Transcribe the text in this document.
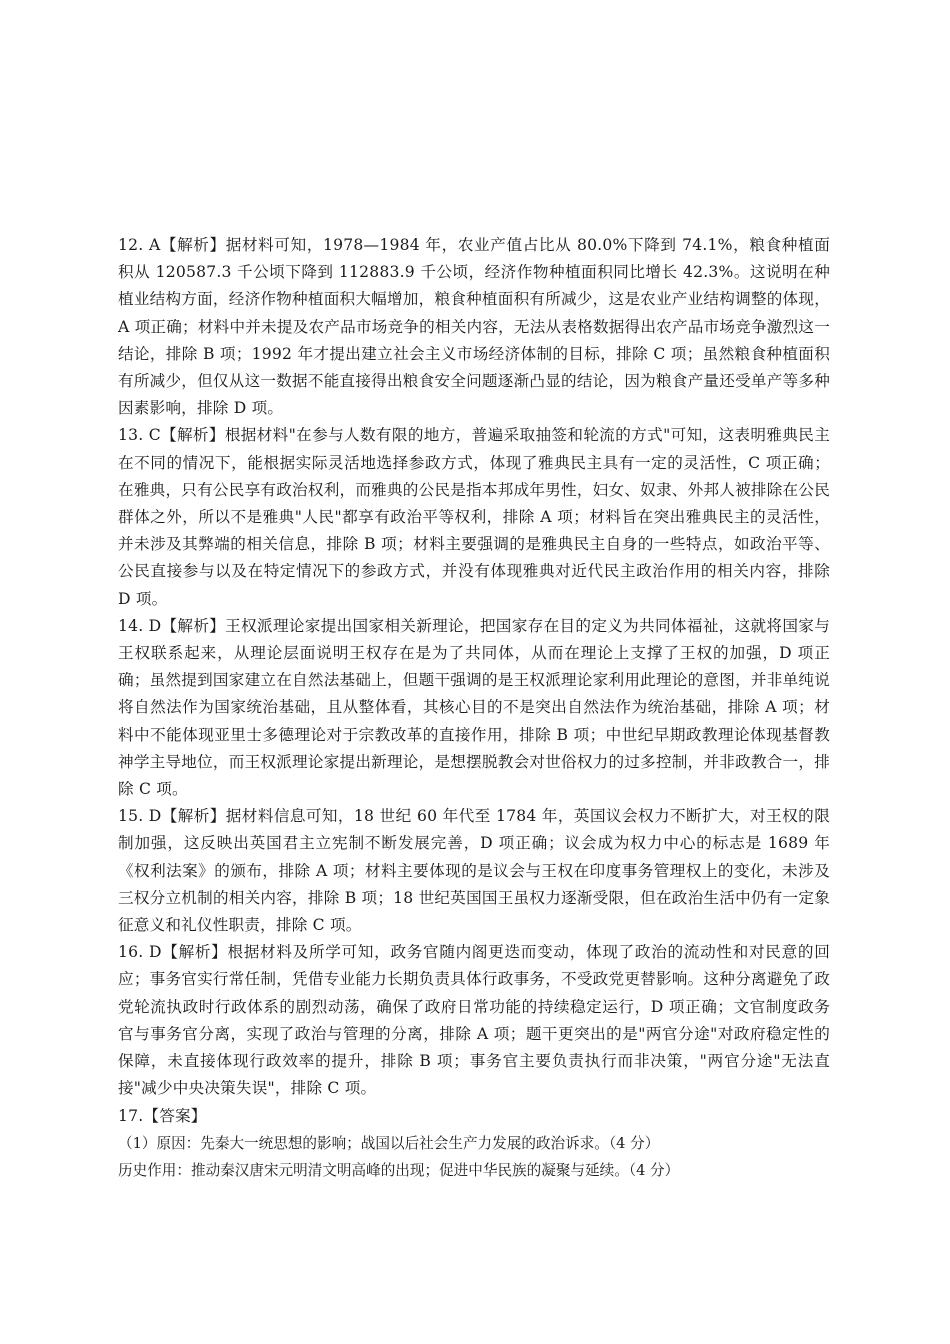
12. A【解析】据材料可知，1978—1984 年，农业产值占比从 80.0%下降到 74.1%，粮食种植面积从 120587.3 千公顷下降到 112883.9 千公顷，经济作物种植面积同比增长 42.3%。这说明在种植业结构方面，经济作物种植面积大幅增加，粮食种植面积有所减少，这是农业产业结构调整的体现，A 项正确；材料中并未提及农产品市场竞争的相关内容，无法从表格数据得出农产品市场竞争激烈这一结论，排除 B 项；1992 年才提出建立社会主义市场经济体制的目标，排除 C 项；虽然粮食种植面积有所减少，但仅从这一数据不能直接得出粮食安全问题逐渐凸显的结论，因为粮食产量还受单产等多种因素影响，排除 D 项。

13. C【解析】根据材料"在参与人数有限的地方，普遍采取抽签和轮流的方式"可知，这表明雅典民主在不同的情况下，能根据实际灵活地选择参政方式，体现了雅典民主具有一定的灵活性，C 项正确；在雅典，只有公民享有政治权利，而雅典的公民是指本邦成年男性，妇女、奴隶、外邦人被排除在公民群体之外，所以不是雅典"人民"都享有政治平等权利，排除 A 项；材料旨在突出雅典民主的灵活性，并未涉及其弊端的相关信息，排除 B 项；材料主要强调的是雅典民主自身的一些特点，如政治平等、公民直接参与以及在特定情况下的参政方式，并没有体现雅典对近代民主政治作用的相关内容，排除 D 项。

14. D【解析】王权派理论家提出国家相关新理论，把国家存在目的定义为共同体福祉，这就将国家与王权联系起来，从理论层面说明王权存在是为了共同体，从而在理论上支撑了王权的加强，D 项正确；虽然提到国家建立在自然法基础上，但题干强调的是王权派理论家利用此理论的意图，并非单纯说将自然法作为国家统治基础，且从整体看，其核心目的不是突出自然法作为统治基础，排除 A 项；材料中不能体现亚里士多德理论对于宗教改革的直接作用，排除 B 项；中世纪早期政教理论体现基督教神学主导地位，而王权派理论家提出新理论，是想摆脱教会对世俗权力的过多控制，并非政教合一，排除 C 项。

15. D【解析】据材料信息可知，18 世纪 60 年代至 1784 年，英国议会权力不断扩大，对王权的限制加强，这反映出英国君主立宪制不断发展完善，D 项正确；议会成为权力中心的标志是 1689 年《权利法案》的颁布，排除 A 项；材料主要体现的是议会与王权在印度事务管理权上的变化，未涉及三权分立机制的相关内容，排除 B 项；18 世纪英国国王虽权力逐渐受限，但在政治生活中仍有一定象征意义和礼仪性职责，排除 C 项。

16. D【解析】根据材料及所学可知，政务官随内阁更迭而变动，体现了政治的流动性和对民意的回应；事务官实行常任制，凭借专业能力长期负责具体行政事务，不受政党更替影响。这种分离避免了政党轮流执政时行政体系的剧烈动荡，确保了政府日常功能的持续稳定运行，D 项正确；文官制度政务官与事务官分离，实现了政治与管理的分离，排除 A 项；题干更突出的是"两官分途"对政府稳定性的保障，未直接体现行政效率的提升，排除 B 项；事务官主要负责执行而非决策，"两官分途"无法直接"减少中央决策失误"，排除 C 项。

17.【答案】

（1）原因：先秦大一统思想的影响；战国以后社会生产力发展的政治诉求。（4 分）

历史作用：推动秦汉唐宋元明清文明高峰的出现；促进中华民族的凝聚与延续。（4 分）
